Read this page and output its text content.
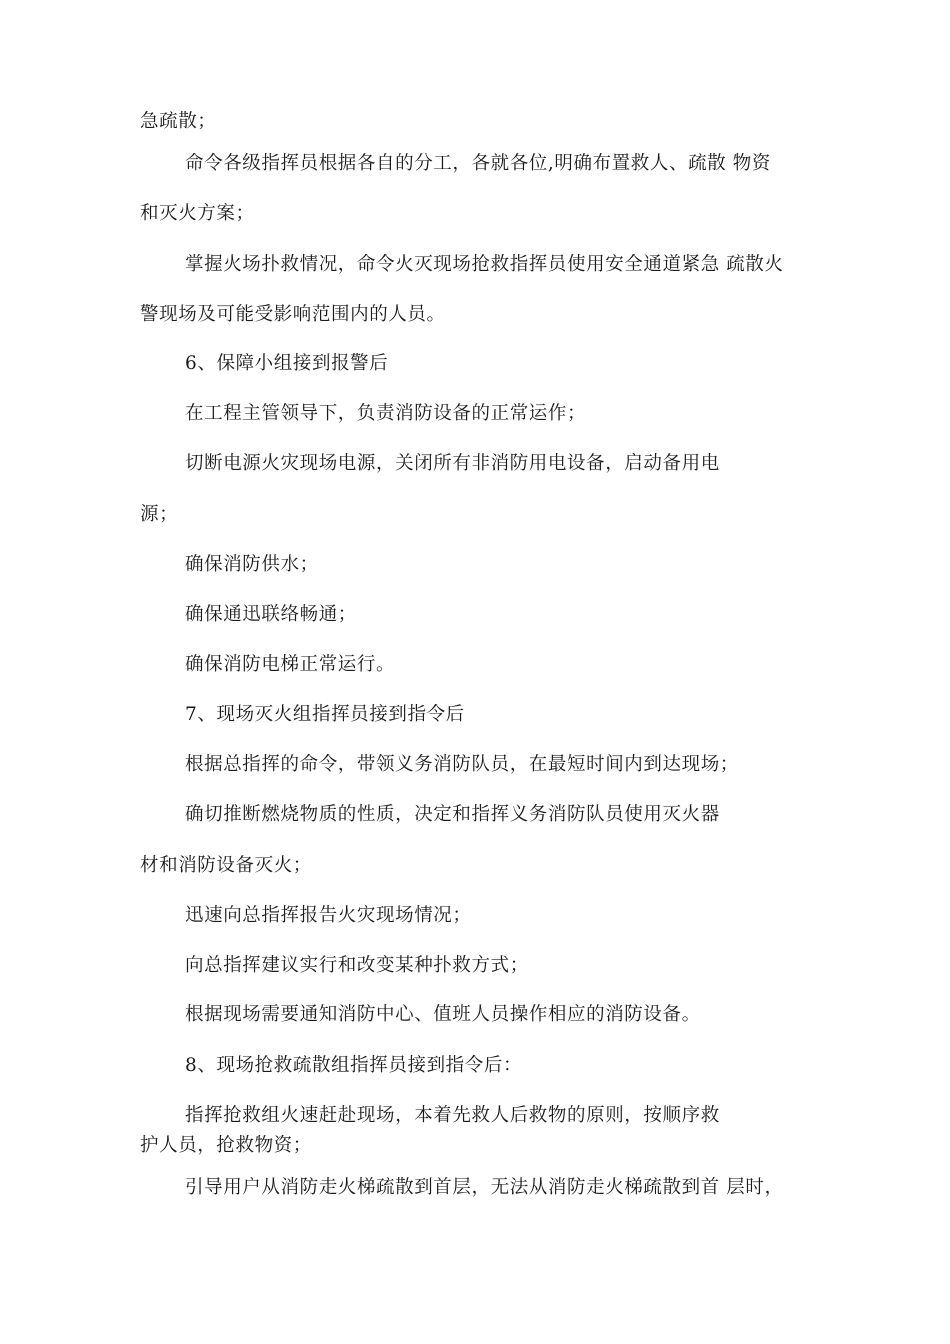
急疏散；
命令各级指挥员根据各自的分工，各就各位,明确布置救人、疏散 物资
和灭火方案；
掌握火场扑救情况，命令火灭现场抢救指挥员使用安全通道紧急 疏散火
警现场及可能受影响范围内的人员。
6、保障小组接到报警后
在工程主管领导下，负责消防设备的正常运作；
切断电源火灾现场电源，关闭所有非消防用电设备，启动备用电
源；
确保消防供水；
确保通迅联络畅通；
确保消防电梯正常运行。
7、现场灭火组指挥员接到指令后
根据总指挥的命令，带领义务消防队员，在最短时间内到达现场；
确切推断燃烧物质的性质，决定和指挥义务消防队员使用灭火器
材和消防设备灭火；
迅速向总指挥报告火灾现场情况；
向总指挥建议实行和改变某种扑救方式；
根据现场需要通知消防中心、值班人员操作相应的消防设备。
8、现场抢救疏散组指挥员接到指令后：
指挥抢救组火速赶赴现场，本着先救人后救物的原则，按顺序救
护人员，抢救物资；
引导用户从消防走火梯疏散到首层，无法从消防走火梯疏散到首 层时，
